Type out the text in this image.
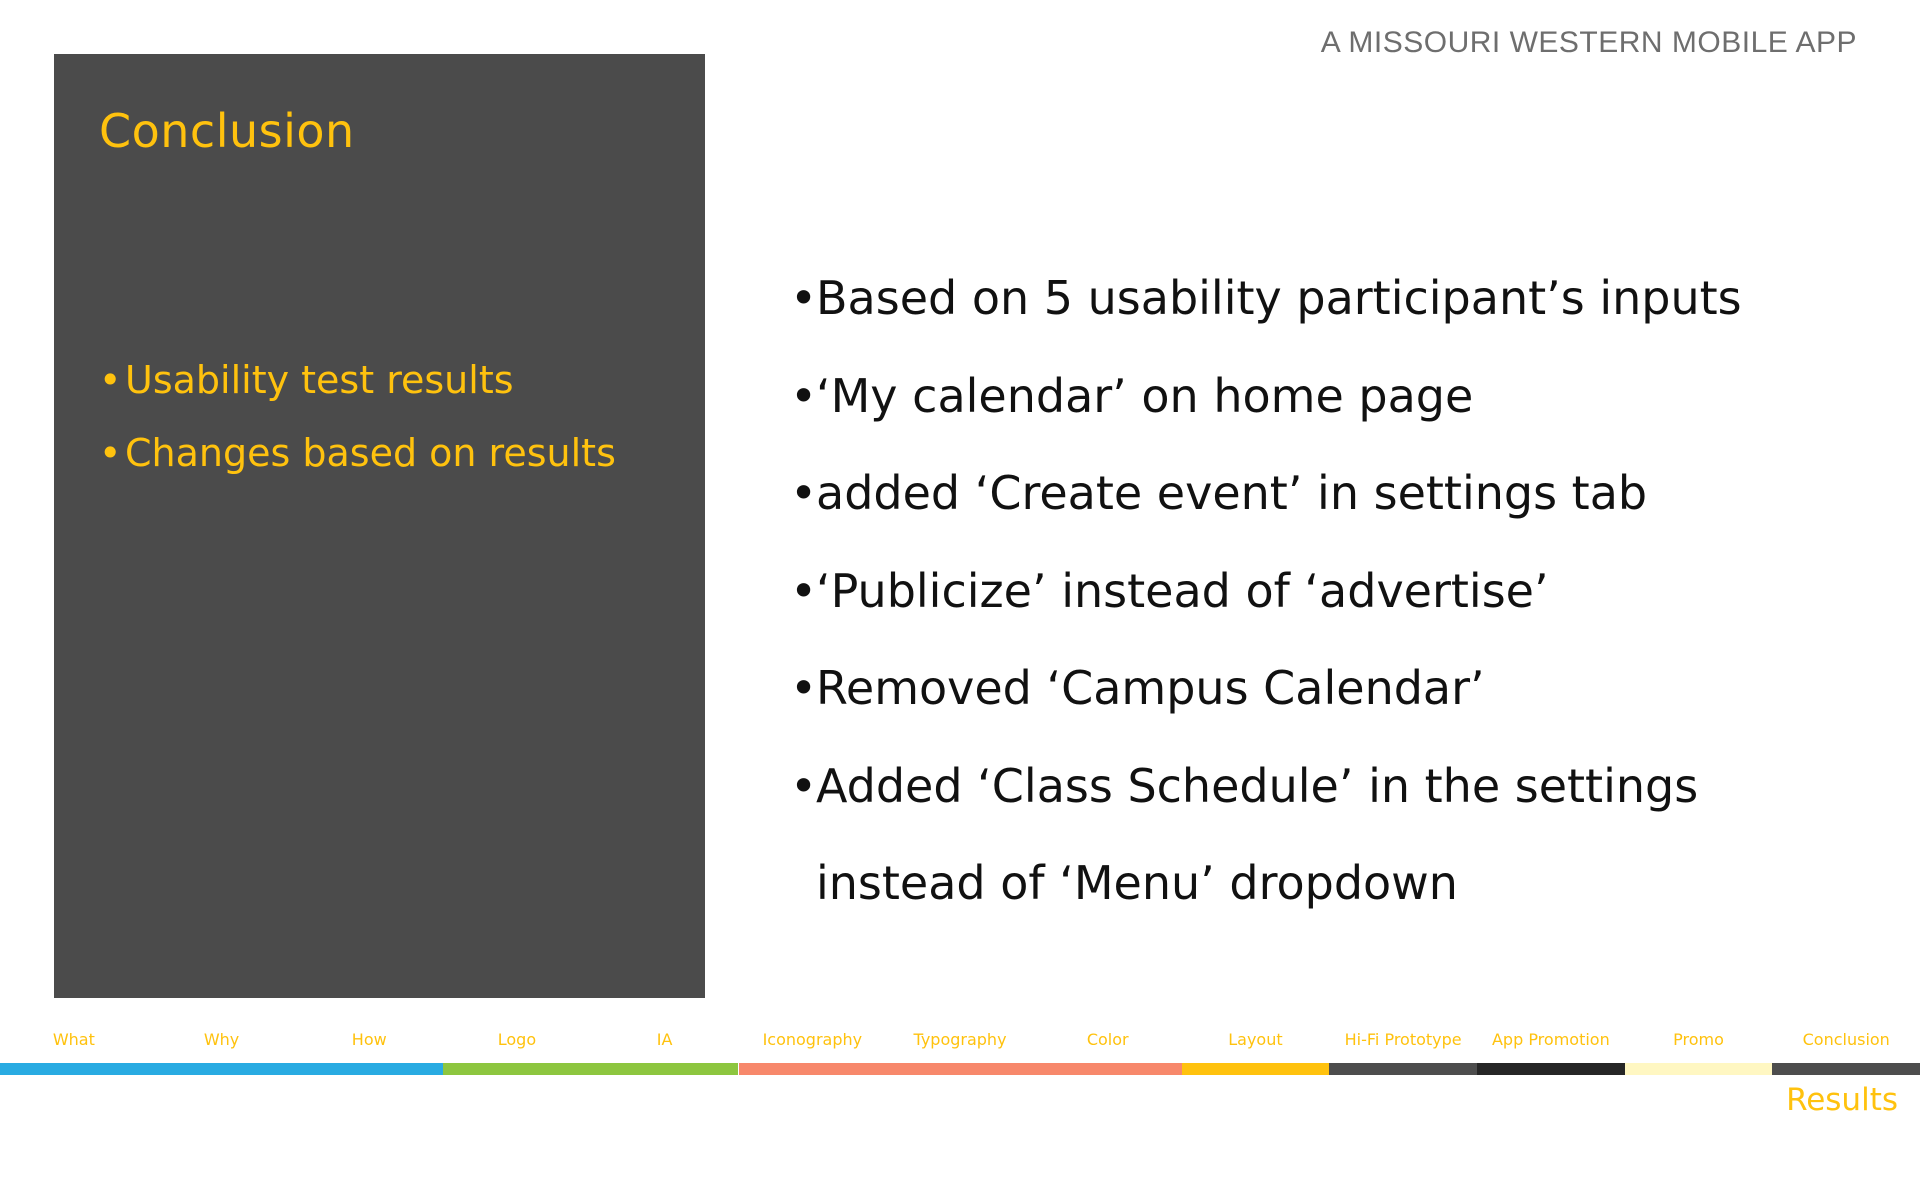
A MISSOURI WESTERN MOBILE APP
Conclusion
•Usability test results
•Changes based on results
•Based on 5 usability participant’s inputs
•‘My calendar’ on home page
•added ‘Create event’ in settings tab
•‘Publicize’ instead of ‘advertise’
•Removed ‘Campus Calendar’
•Added ‘Class Schedule’ in the settings
instead of ‘Menu’ dropdown
What	Why	How	Logo	IA	Iconography	Typography	Color	Layout	Hi-Fi Prototype	App Promotion	Promo	Conclusion
Results
